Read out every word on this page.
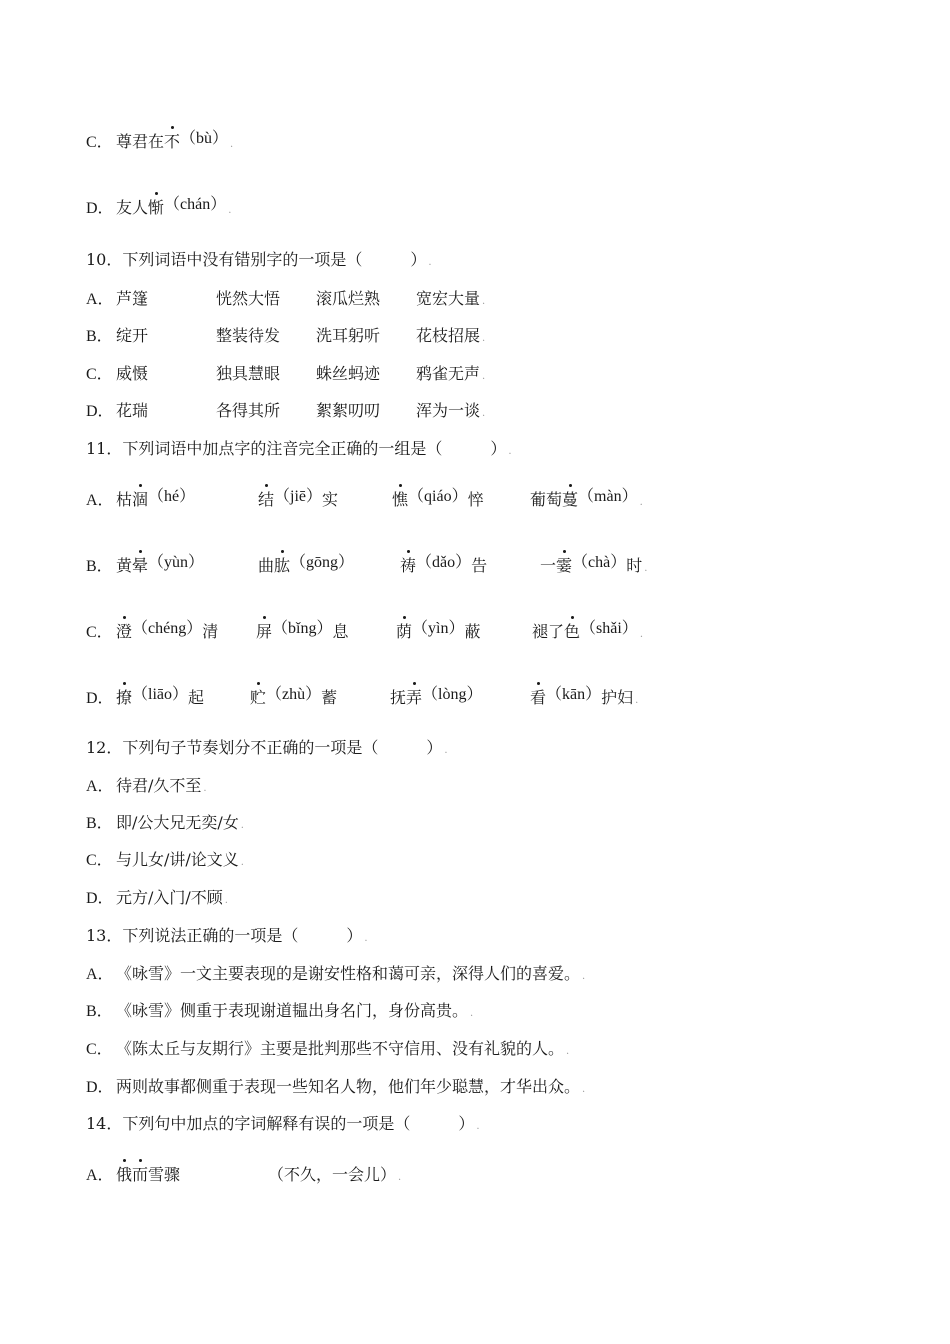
C． 尊君在不（bù） .
D． 友人惭（chán） .
10．下列词语中没有错别字的一项是（　　　） .
A． 芦篷	恍然大悟 滚瓜烂熟 宽宏大量 .
B． 绽开	整装待发 洗耳躬听 花枝招展 .
C． 威慑	独具慧眼 蛛丝蚂迹 鸦雀无声 .
D． 花瑞	各得其所 絮絮叨叨 浑为一谈 .
11．下列词语中加点字的注音完全正确的一组是（　　　） .
A． 枯涸（hé）	结（jiē）实	憔（qiáo）悴	葡萄蔓（màn） .
B． 黄晕（yùn）	曲肱（gōng）	祷（dǎo）告	一霎（chà）时 .
C． 澄（chéng）清 屏（bǐng）息	荫（yìn）蔽	褪了色（shǎi） .
D． 撩（liāo）起	贮（zhù）蓄	抚弄（lòng）	看（kān）护妇 .
12．下列句子节奏划分不正确的一项是（　　　） .
A． 待君/久不至 .
B． 即/公大兄无奕/女 .
C． 与儿女/讲/论文义 .
D． 元方/入门/不顾 .
13．下列说法正确的一项是（　　　） .
A． 《咏雪》一文主要表现的是谢安性格和蔼可亲，深得人们的喜爱。 .
B． 《咏雪》侧重于表现谢道韫出身名门，身份高贵。 .
C． 《陈太丘与友期行》主要是批判那些不守信用、没有礼貌的人。 .
D． 两则故事都侧重于表现一些知名人物，他们年少聪慧，才华出众。 .
14．下列句中加点的字词解释有误的一项是（　　　） .
A． 俄而雪骤	（不久，一会儿） .
